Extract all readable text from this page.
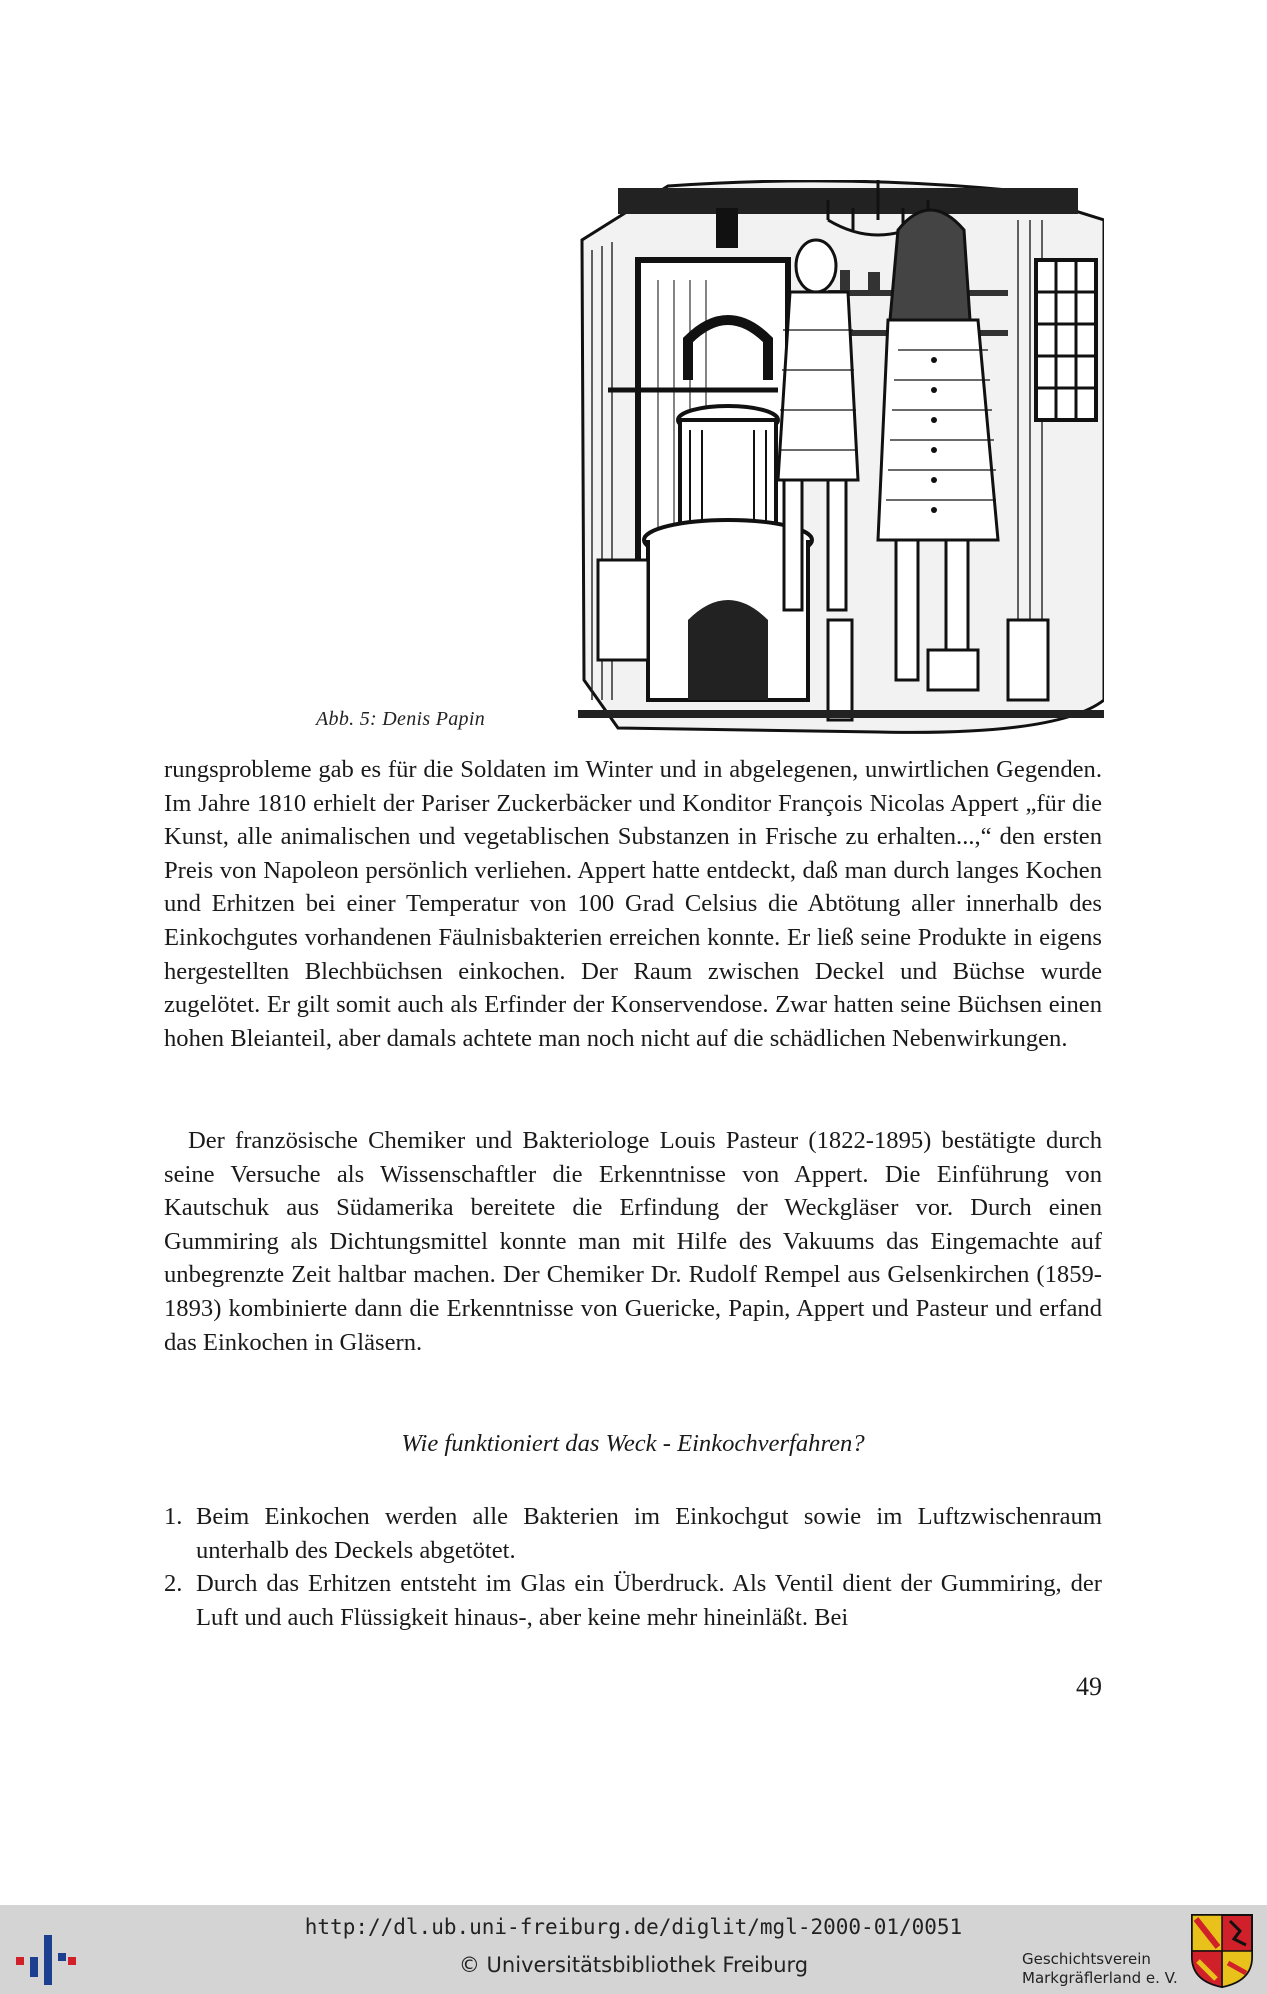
Abb. 5: Denis Papin

rungsprobleme gab es für die Soldaten im Winter und in abgelegenen, unwirtlichen Gegenden. Im Jahre 1810 erhielt der Pariser Zuckerbäcker und Konditor François Nicolas Appert „für die Kunst, alle animalischen und vegetablischen Substanzen in Frische zu erhalten...,“ den ersten Preis von Napoleon persönlich verliehen. Appert hatte entdeckt, daß man durch langes Kochen und Erhitzen bei einer Temperatur von 100 Grad Celsius die Abtötung aller innerhalb des Einkochgutes vorhandenen Fäulnisbakterien erreichen konnte. Er ließ seine Produkte in eigens hergestellten Blechbüchsen einkochen. Der Raum zwischen Deckel und Büchse wurde zugelötet. Er gilt somit auch als Erfinder der Konservendose. Zwar hatten seine Büchsen einen hohen Bleianteil, aber damals achtete man noch nicht auf die schädlichen Nebenwirkungen.

Der französische Chemiker und Bakteriologe Louis Pasteur (1822-1895) bestätigte durch seine Versuche als Wissenschaftler die Erkenntnisse von Appert. Die Einführung von Kautschuk aus Südamerika bereitete die Erfindung der Weckgläser vor. Durch einen Gummiring als Dichtungsmittel konnte man mit Hilfe des Vakuums das Eingemachte auf unbegrenzte Zeit haltbar machen. Der Chemiker Dr. Rudolf Rempel aus Gelsenkirchen (1859-1893) kombinierte dann die Erkenntnisse von Guericke, Papin, Appert und Pasteur und erfand das Einkochen in Gläsern.

Wie funktioniert das Weck - Einkochverfahren?
1. Beim Einkochen werden alle Bakterien im Einkochgut sowie im Luftzwischenraum unterhalb des Deckels abgetötet.
2. Durch das Erhitzen entsteht im Glas ein Überdruck. Als Ventil dient der Gummiring, der Luft und auch Flüssigkeit hinaus-, aber keine mehr hineinläßt. Bei
49
http://dl.ub.uni-freiburg.de/diglit/mgl-2000-01/0051
© Universitätsbibliothek Freiburg	Geschichtsverein
Markgräflerland e. V.
